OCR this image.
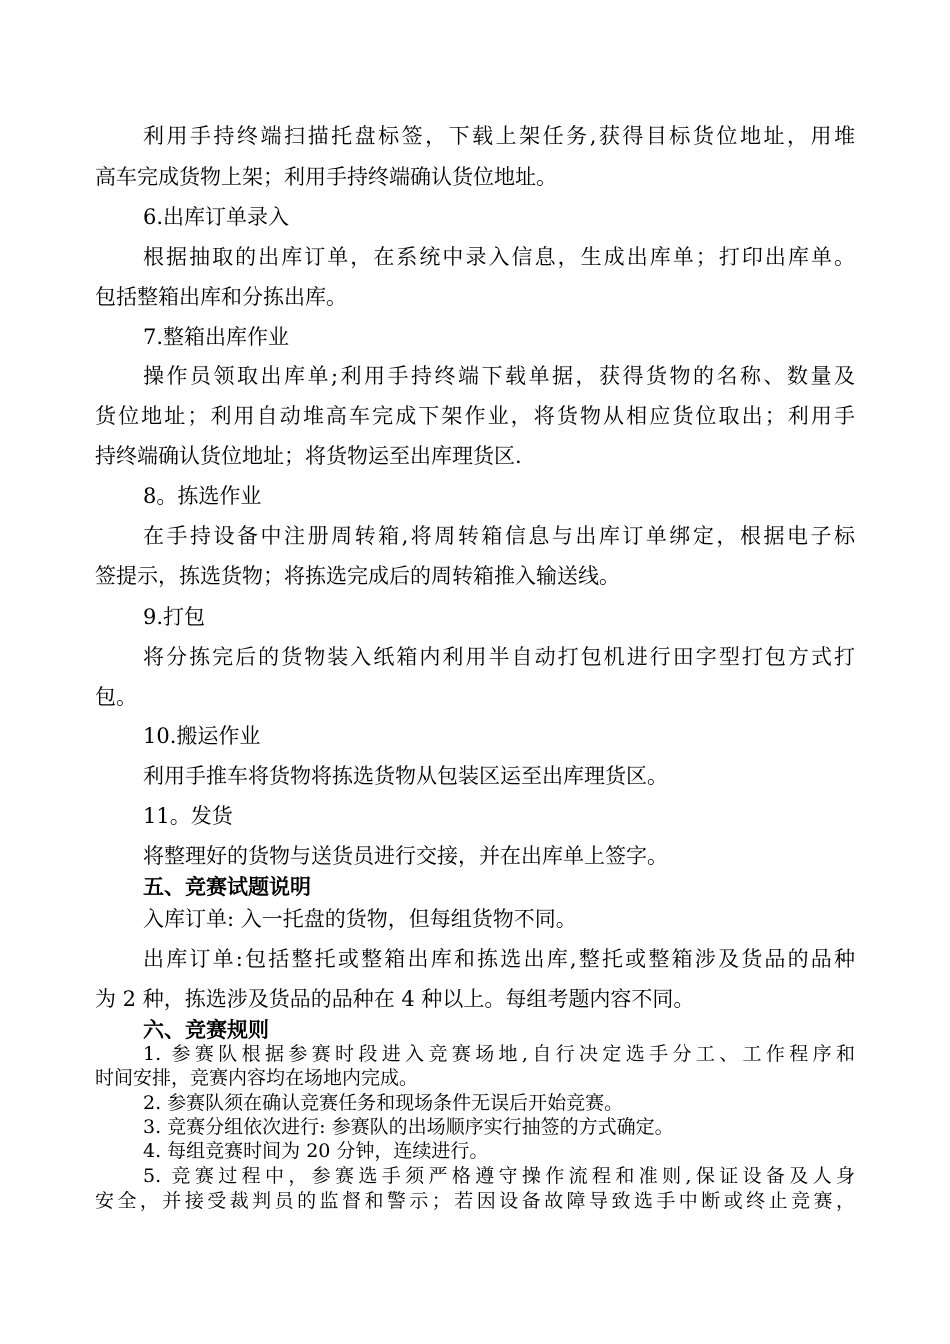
利用手持终端扫描托盘标签，下载上架任务,获得目标货位地址，用堆
高车完成货物上架；利用手持终端确认货位地址。
6.出库订单录入
根据抽取的出库订单，在系统中录入信息，生成出库单；打印出库单。
包括整箱出库和分拣出库。
7.整箱出库作业
操作员领取出库单;利用手持终端下载单据，获得货物的名称、数量及
货位地址；利用自动堆高车完成下架作业，将货物从相应货位取出；利用手
持终端确认货位地址；将货物运至出库理货区.
8。拣选作业
在手持设备中注册周转箱,将周转箱信息与出库订单绑定，根据电子标
签提示，拣选货物；将拣选完成后的周转箱推入输送线。
9.打包
将分拣完后的货物装入纸箱内利用半自动打包机进行田字型打包方式打
包。
10.搬运作业
利用手推车将货物将拣选货物从包装区运至出库理货区。
11。发货
将整理好的货物与送货员进行交接，并在出库单上签字。
五、竞赛试题说明
入库订单: 入一托盘的货物，但每组货物不同。
出库订单:包括整托或整箱出库和拣选出库,整托或整箱涉及货品的品种
为 2 种，拣选涉及货品的品种在 4 种以上。每组考题内容不同。
六、竞赛规则
1. 参赛队根据参赛时段进入竞赛场地,自行决定选手分工、工作程序和
时间安排，竞赛内容均在场地内完成。
2. 参赛队须在确认竞赛任务和现场条件无误后开始竞赛。
3. 竞赛分组依次进行: 参赛队的出场顺序实行抽签的方式确定。
4. 每组竞赛时间为 20 分钟，连续进行。
5. 竞赛过程中，参赛选手须严格遵守操作流程和准则,保证设备及人身
安全，并接受裁判员的监督和警示；若因设备故障导致选手中断或终止竞赛，
